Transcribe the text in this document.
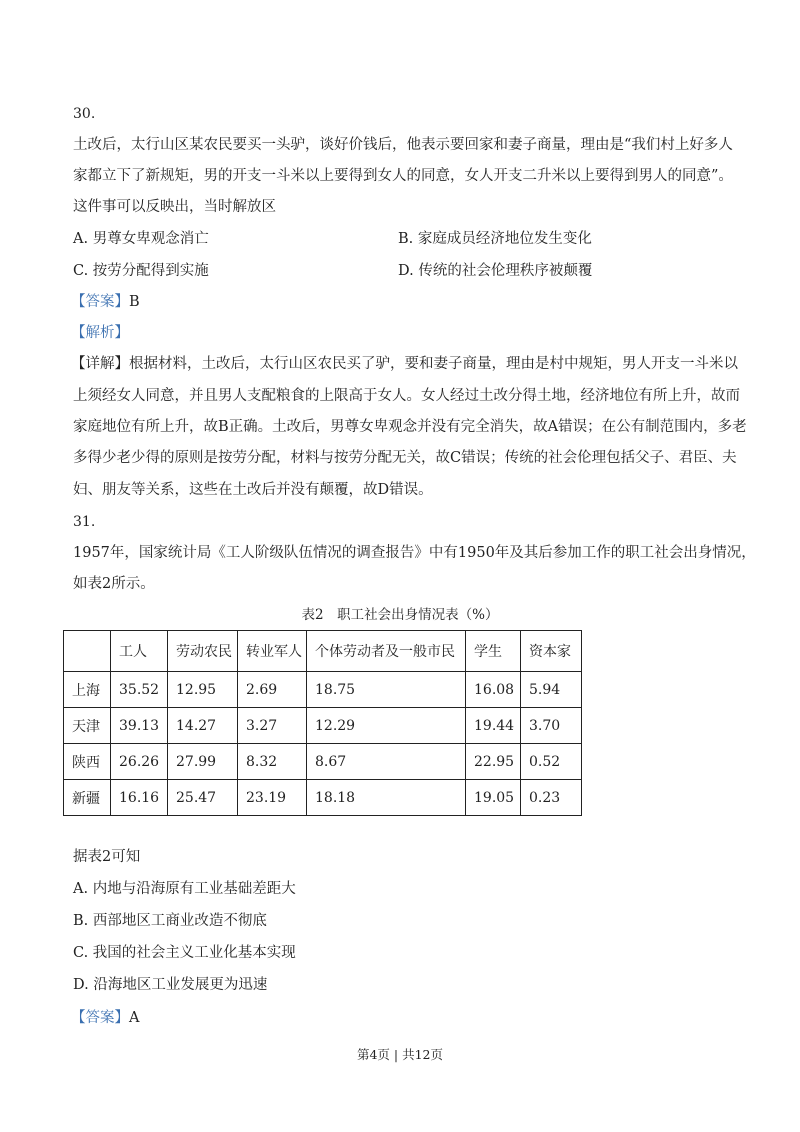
30.
土改后，太行山区某农民要买一头驴，谈好价钱后，他表示要回家和妻子商量，理由是“我们村上好多人
家都立下了新规矩，男的开支一斗米以上要得到女人的同意，女人开支二升米以上要得到男人的同意”。
这件事可以反映出，当时解放区
A. 男尊女卑观念消亡	B. 家庭成员经济地位发生变化
C. 按劳分配得到实施	D. 传统的社会伦理秩序被颠覆
【答案】B
【解析】
【详解】根据材料，土改后，太行山区农民买了驴，要和妻子商量，理由是村中规矩，男人开支一斗米以
上须经女人同意，并且男人支配粮食的上限高于女人。女人经过土改分得土地，经济地位有所上升，故而
家庭地位有所上升，故B正确。土改后，男尊女卑观念并没有完全消失，故A错误；在公有制范围内，多老
多得少老少得的原则是按劳分配，材料与按劳分配无关，故C错误；传统的社会伦理包括父子、君臣、夫
妇、朋友等关系，这些在土改后并没有颠覆，故D错误。
31.
1957年，国家统计局《工人阶级队伍情况的调查报告》中有1950年及其后参加工作的职工社会出身情况，
如表2所示。
表2　职工社会出身情况表（%）
	工人	劳动农民	转业军人	个体劳动者及一般市民	学生	资本家
上海	35.52	12.95	2.69	18.75	16.08	5.94
天津	39.13	14.27	3.27	12.29	19.44	3.70
陕西	26.26	27.99	8.32	8.67	22.95	0.52
新疆	16.16	25.47	23.19	18.18	19.05	0.23
据表2可知
A. 内地与沿海原有工业基础差距大
B. 西部地区工商业改造不彻底
C. 我国的社会主义工业化基本实现
D. 沿海地区工业发展更为迅速
【答案】A
第4页 | 共12页
